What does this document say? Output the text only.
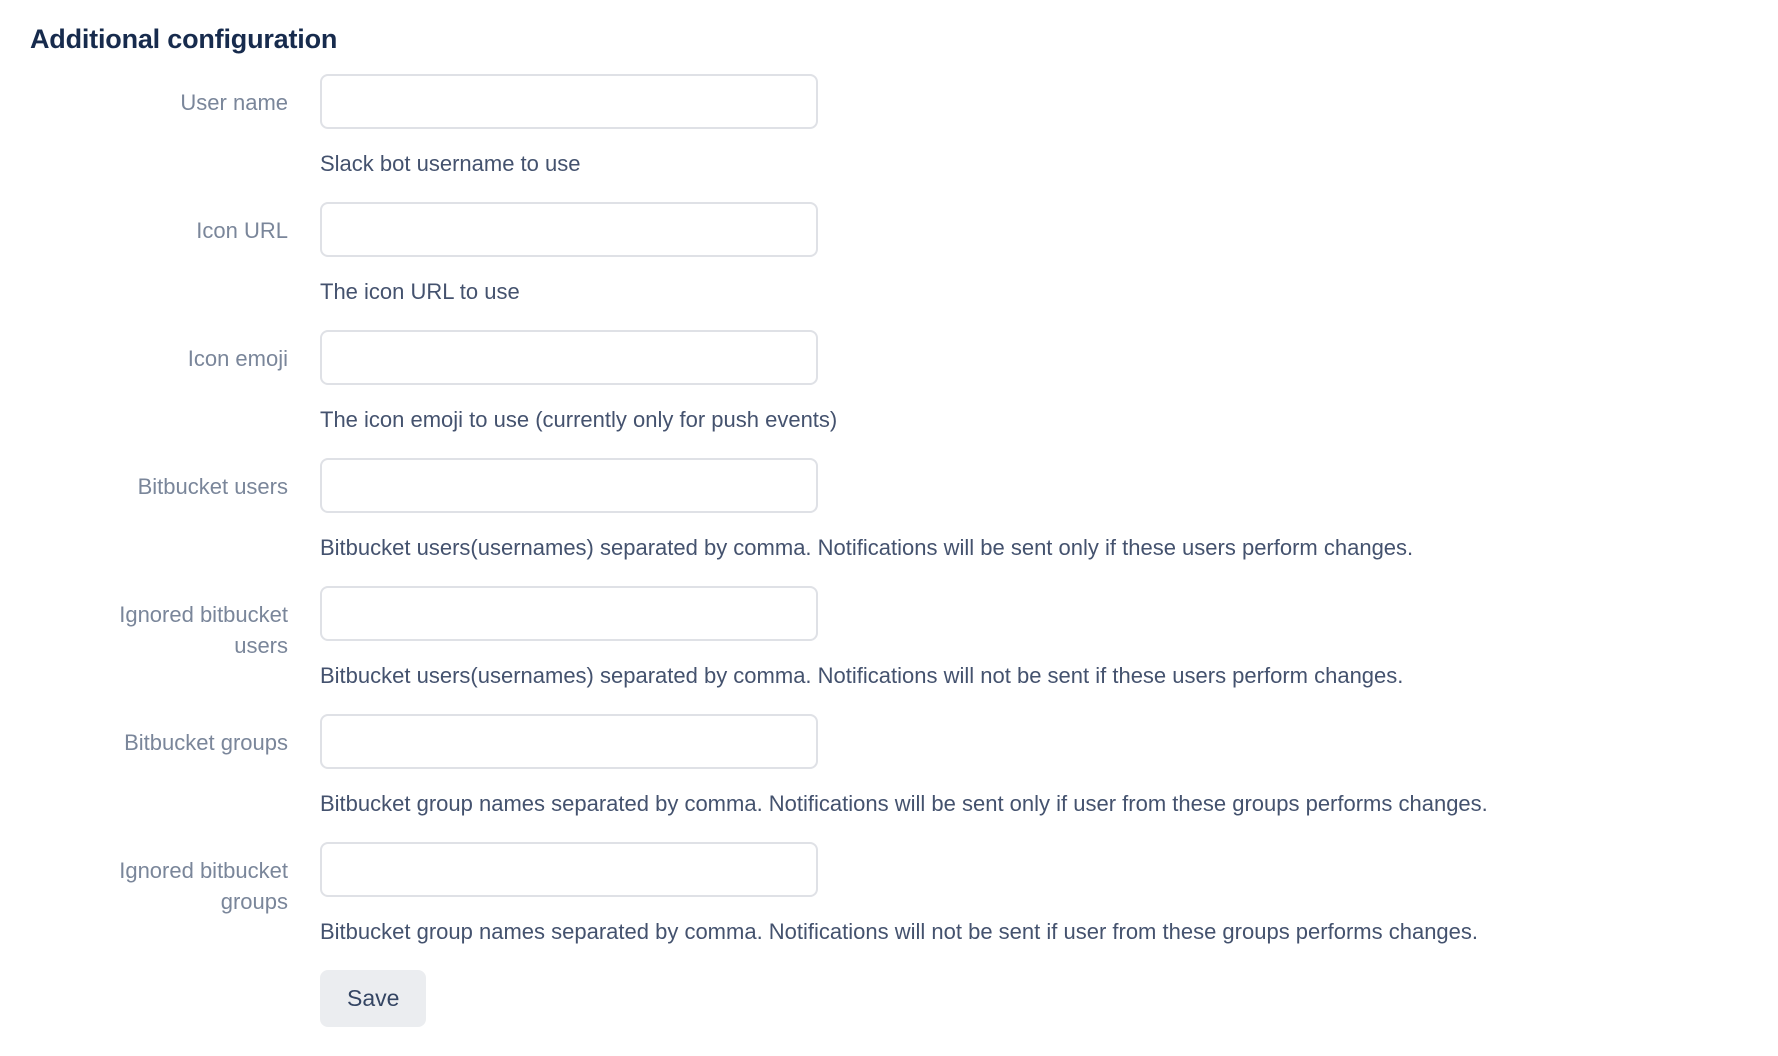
Additional configuration
User name
Slack bot username to use
Icon URL
The icon URL to use
Icon emoji
The icon emoji to use (currently only for push events)
Bitbucket users
Bitbucket users(usernames) separated by comma. Notifications will be sent only if these users perform changes.
Ignored bitbucket users
Bitbucket users(usernames) separated by comma. Notifications will not be sent if these users perform changes.
Bitbucket groups
Bitbucket group names separated by comma. Notifications will be sent only if user from these groups performs changes.
Ignored bitbucket groups
Bitbucket group names separated by comma. Notifications will not be sent if user from these groups performs changes.
Save
